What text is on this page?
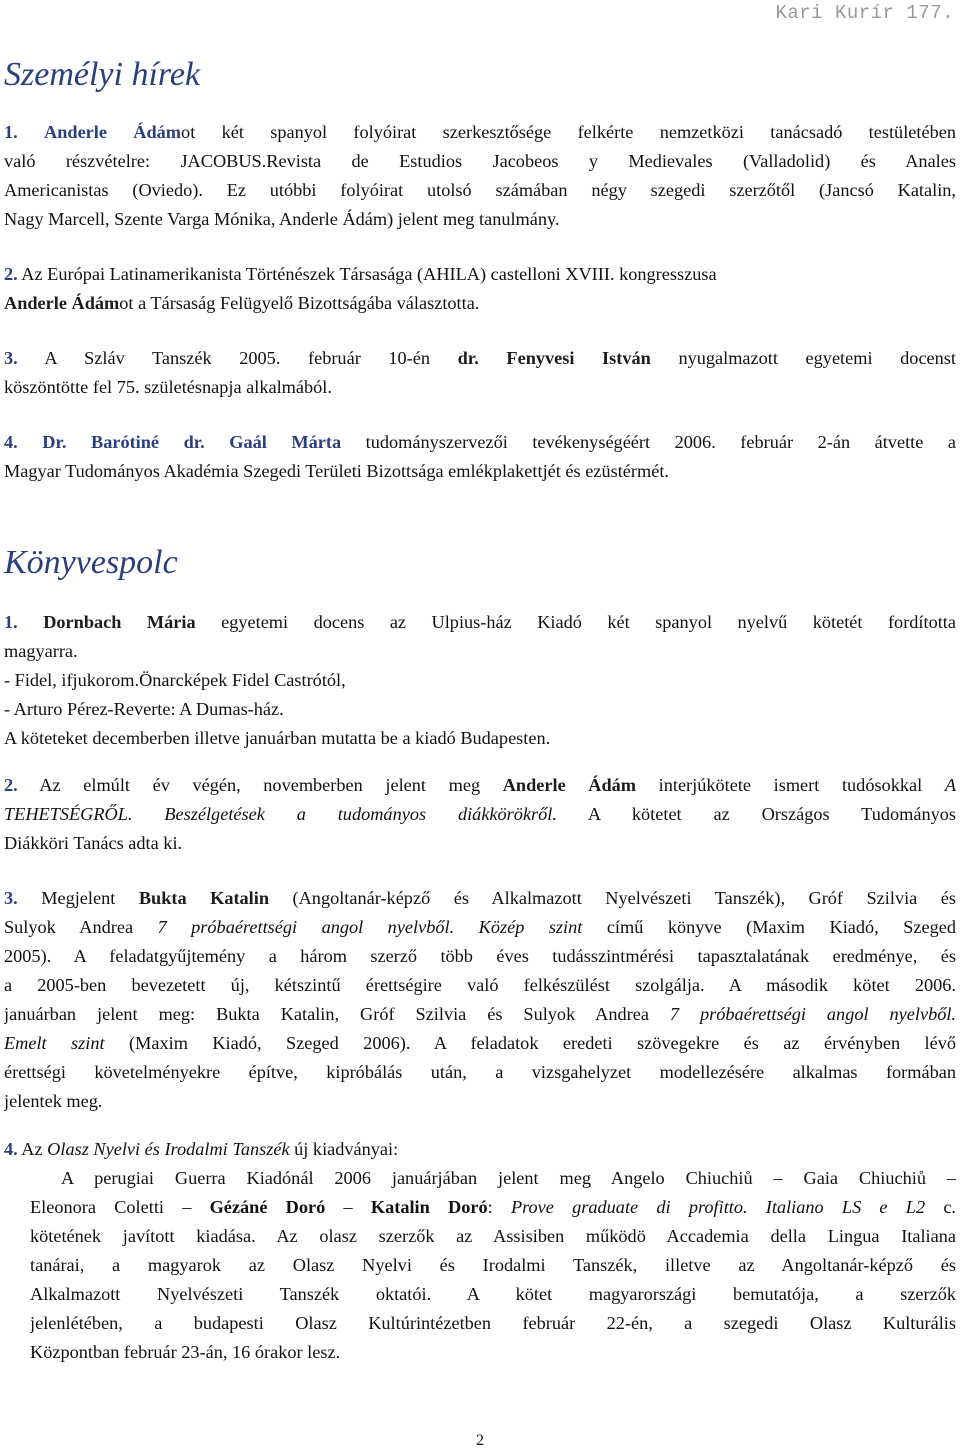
Kari Kurír 177.
Személyi hírek
1. Anderle Ádámot két spanyol folyóirat szerkesztősége felkérte nemzetközi tanácsadó testületében
való részvételre: JACOBUS.Revista de Estudios Jacobeos y Medievales (Valladolid) és Anales
Americanistas (Oviedo). Ez utóbbi folyóirat utolsó számában négy szegedi szerzőtől (Jancsó Katalin,
Nagy Marcell, Szente Varga Mónika, Anderle Ádám) jelent meg tanulmány.
2. Az Európai Latinamerikanista Történészek Társasága (AHILA) castelloni XVIII. kongresszusa
Anderle Ádámot a Társaság Felügyelő Bizottságába választotta.
3. A Szláv Tanszék 2005. február 10-én dr. Fenyvesi István nyugalmazott egyetemi docenst
köszöntötte fel 75. születésnapja alkalmából.
4. Dr. Barótiné dr. Gaál Márta tudományszervezői tevékenységéért 2006. február 2-án átvette a
Magyar Tudományos Akadémia Szegedi Területi Bizottsága emlékplakettjét és ezüstérmét.
Könyvespolc
1. Dornbach Mária egyetemi docens az Ulpius-ház Kiadó két spanyol nyelvű kötetét fordította
magyarra.
- Fidel, ifjukorom.Önarcképek Fidel Castrótól,
- Arturo Pérez-Reverte: A Dumas-ház.
A köteteket decemberben illetve januárban mutatta be a kiadó Budapesten.
2. Az elmúlt év végén, novemberben jelent meg Anderle Ádám interjúkötete ismert tudósokkal A
TEHETSÉGRŐL. Beszélgetések a tudományos diákkörökről. A kötetet az Országos Tudományos
Diákköri Tanács adta ki.
3. Megjelent Bukta Katalin (Angoltanár-képző és Alkalmazott Nyelvészeti Tanszék), Gróf Szilvia és
Sulyok Andrea 7 próbaérettségi angol nyelvből. Közép szint című könyve (Maxim Kiadó, Szeged
2005). A feladatgyűjtemény a három szerző több éves tudásszintmérési tapasztalatának eredménye, és
a 2005-ben bevezetett új, kétszintű érettségire való felkészülést szolgálja. A második kötet 2006.
januárban jelent meg: Bukta Katalin, Gróf Szilvia és Sulyok Andrea 7 próbaérettségi angol nyelvből.
Emelt szint (Maxim Kiadó, Szeged 2006). A feladatok eredeti szövegekre és az érvényben lévő
érettségi követelményekre építve, kipróbálás után, a vizsgahelyzet modellezésére alkalmas formában
jelentek meg.
4. Az Olasz Nyelvi és Irodalmi Tanszék új kiadványai:
A perugiai Guerra Kiadónál 2006 januárjában jelent meg Angelo Chiuchiů – Gaia Chiuchiů –
Eleonora Coletti – Gézáné Doró – Katalin Doró: Prove graduate di profitto. Italiano LS e L2 c.
kötetének javított kiadása. Az olasz szerzők az Assisiben működö Accademia della Lingua Italiana
tanárai, a magyarok az Olasz Nyelvi és Irodalmi Tanszék, illetve az Angoltanár-képző és
Alkalmazott Nyelvészeti Tanszék oktatói. A kötet magyarországi bemutatója, a szerzők
jelenlétében, a budapesti Olasz Kultúrintézetben február 22-én, a szegedi Olasz Kulturális
Központban február 23-án, 16 órakor lesz.
2
